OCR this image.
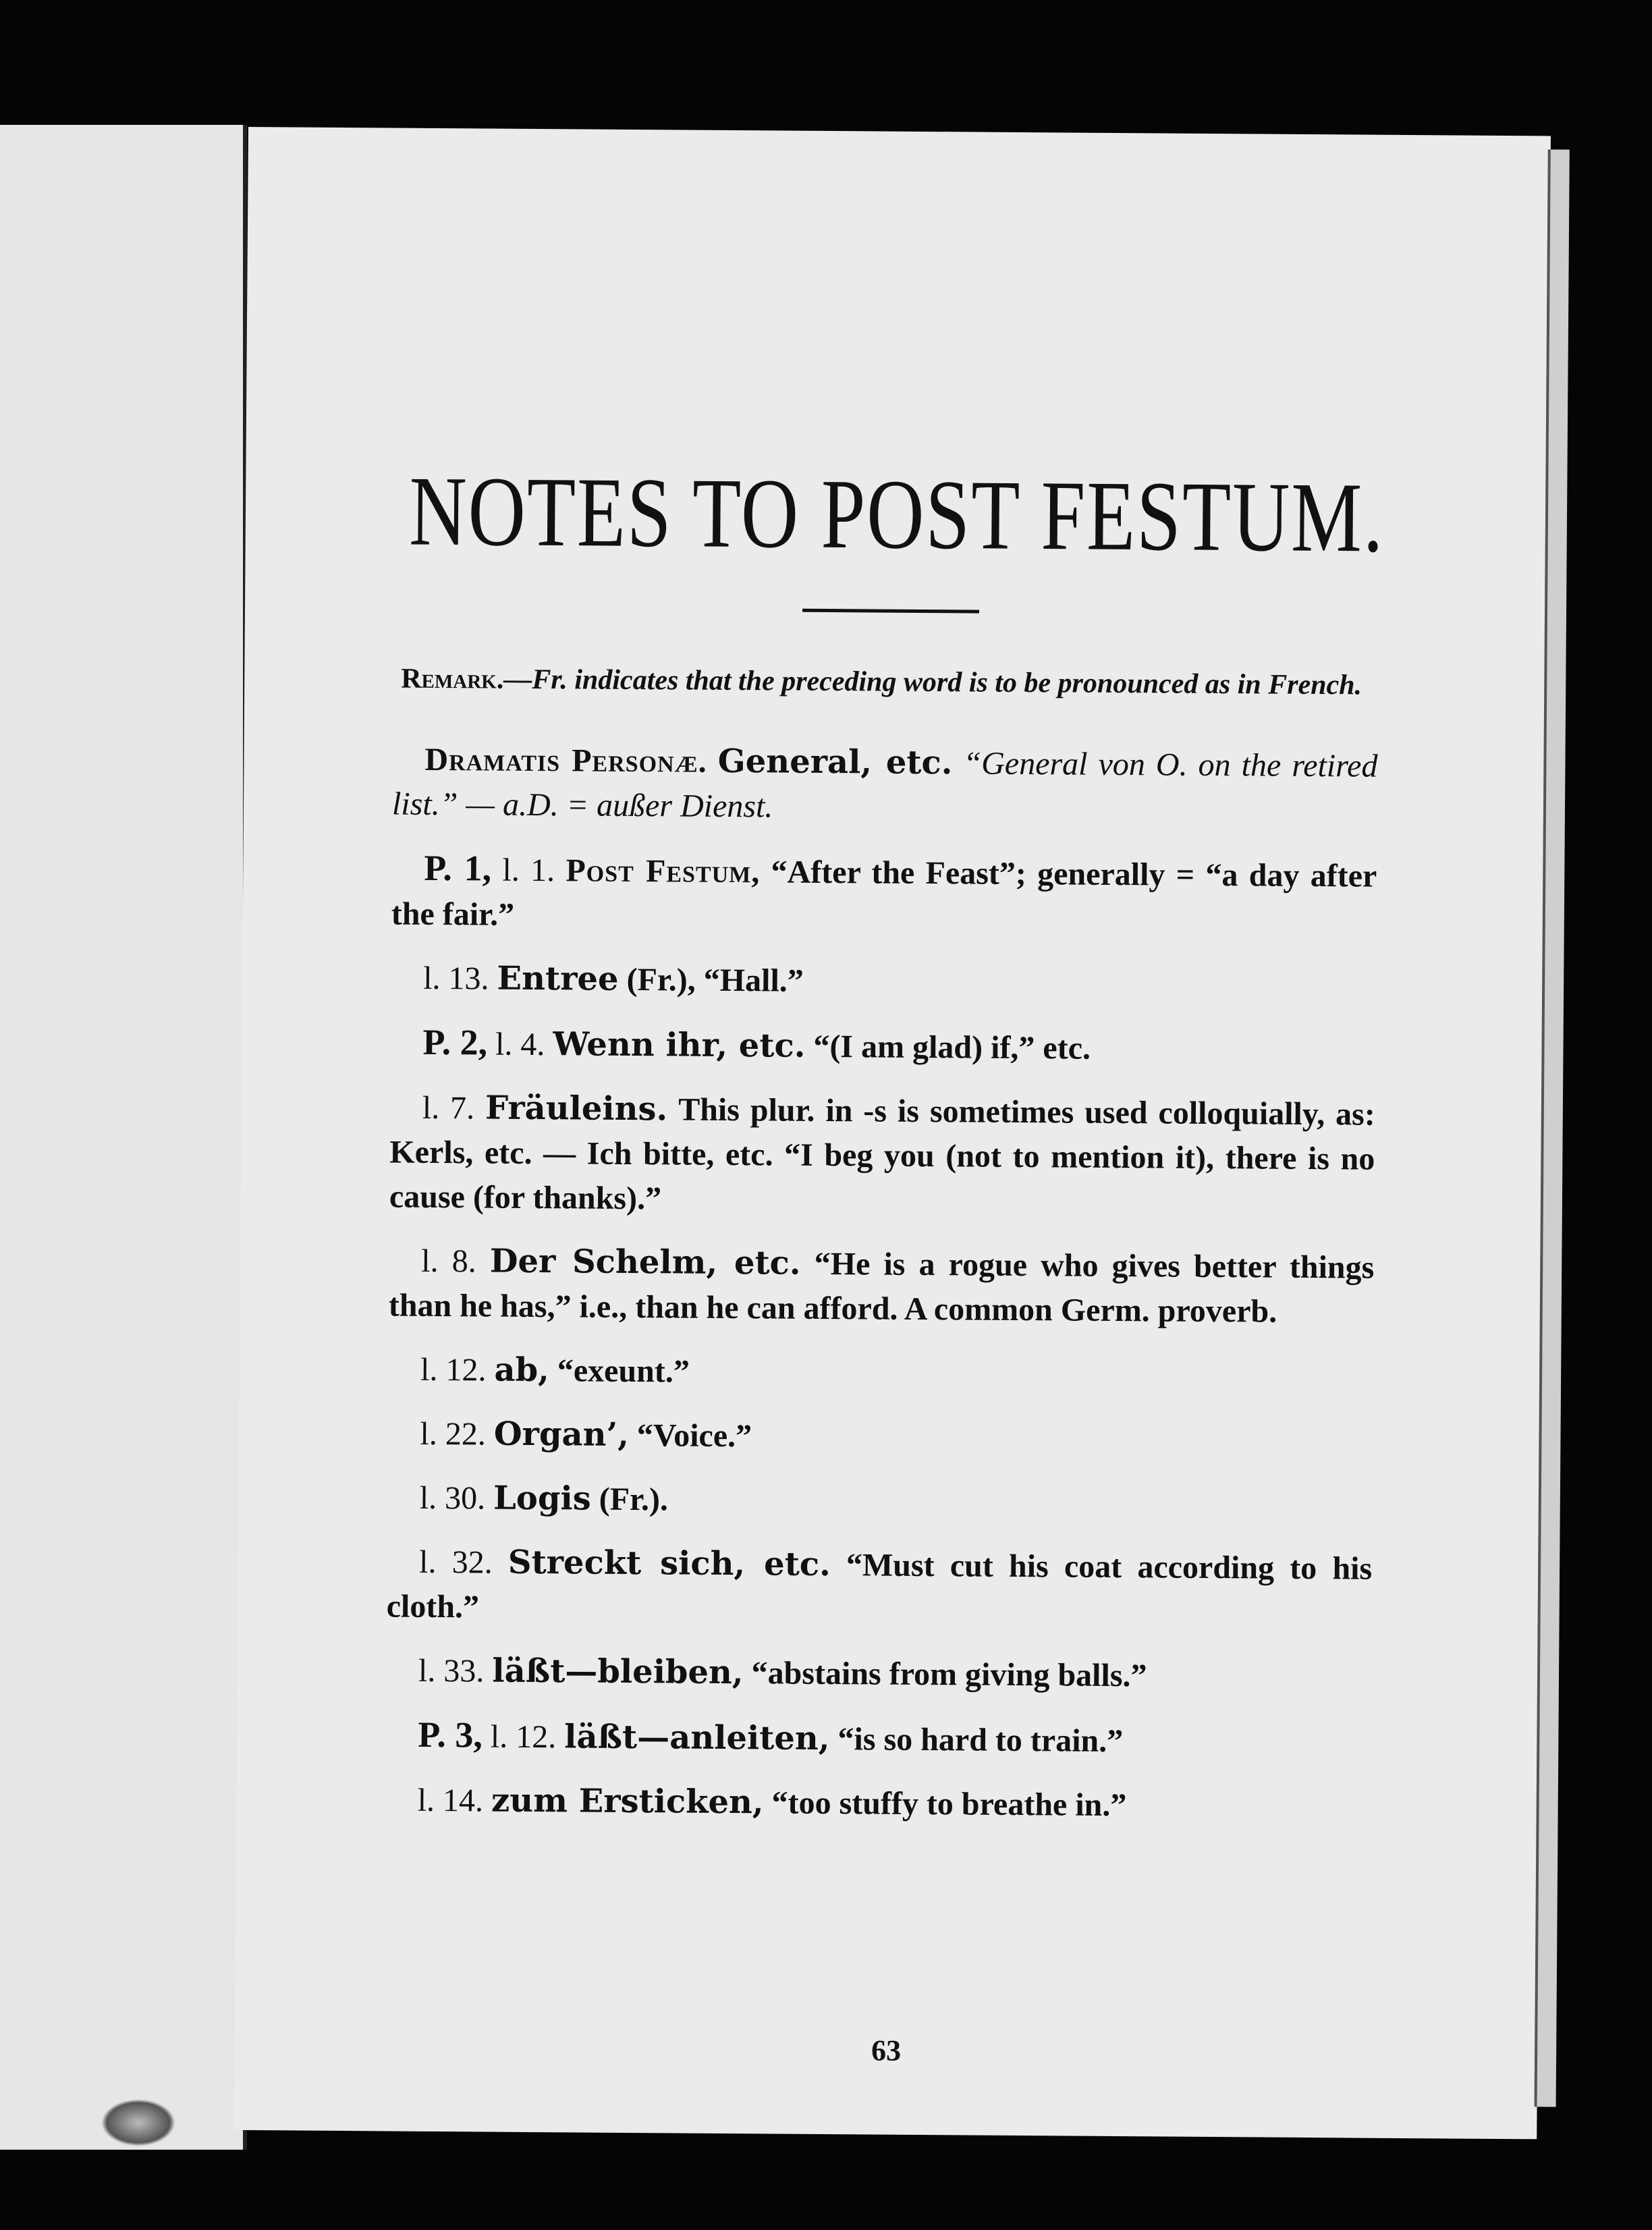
NOTES TO POST FESTUM.

Remark.—Fr. indicates that the preceding word is to be pronounced as in French.

Dramatis Personæ. General, etc. “General von O. on the retired list.” — a.D. = außer Dienst.

P. 1, l. 1. Post Festum, “After the Feast”; generally = “a day after the fair.”

l. 13. Entree (Fr.), “Hall.”

P. 2, l. 4. Wenn ihr, etc. “(I am glad) if,” etc.

l. 7. Fräuleins. This plur. in -s is sometimes used colloquially, as: Kerls, etc. — Ich bitte, etc. “I beg you (not to mention it), there is no cause (for thanks).”

l. 8. Der Schelm, etc. “He is a rogue who gives better things than he has,” i.e., than he can afford. A common Germ. proverb.

l. 12. ab, “exeunt.”

l. 22. Organ’, “Voice.”

l. 30. Logis (Fr.).

l. 32. Streckt sich, etc. “Must cut his coat according to his cloth.”

l. 33. läßt—bleiben, “abstains from giving balls.”

P. 3, l. 12. läßt—anleiten, “is so hard to train.”

l. 14. zum Ersticken, “too stuffy to breathe in.”

63
